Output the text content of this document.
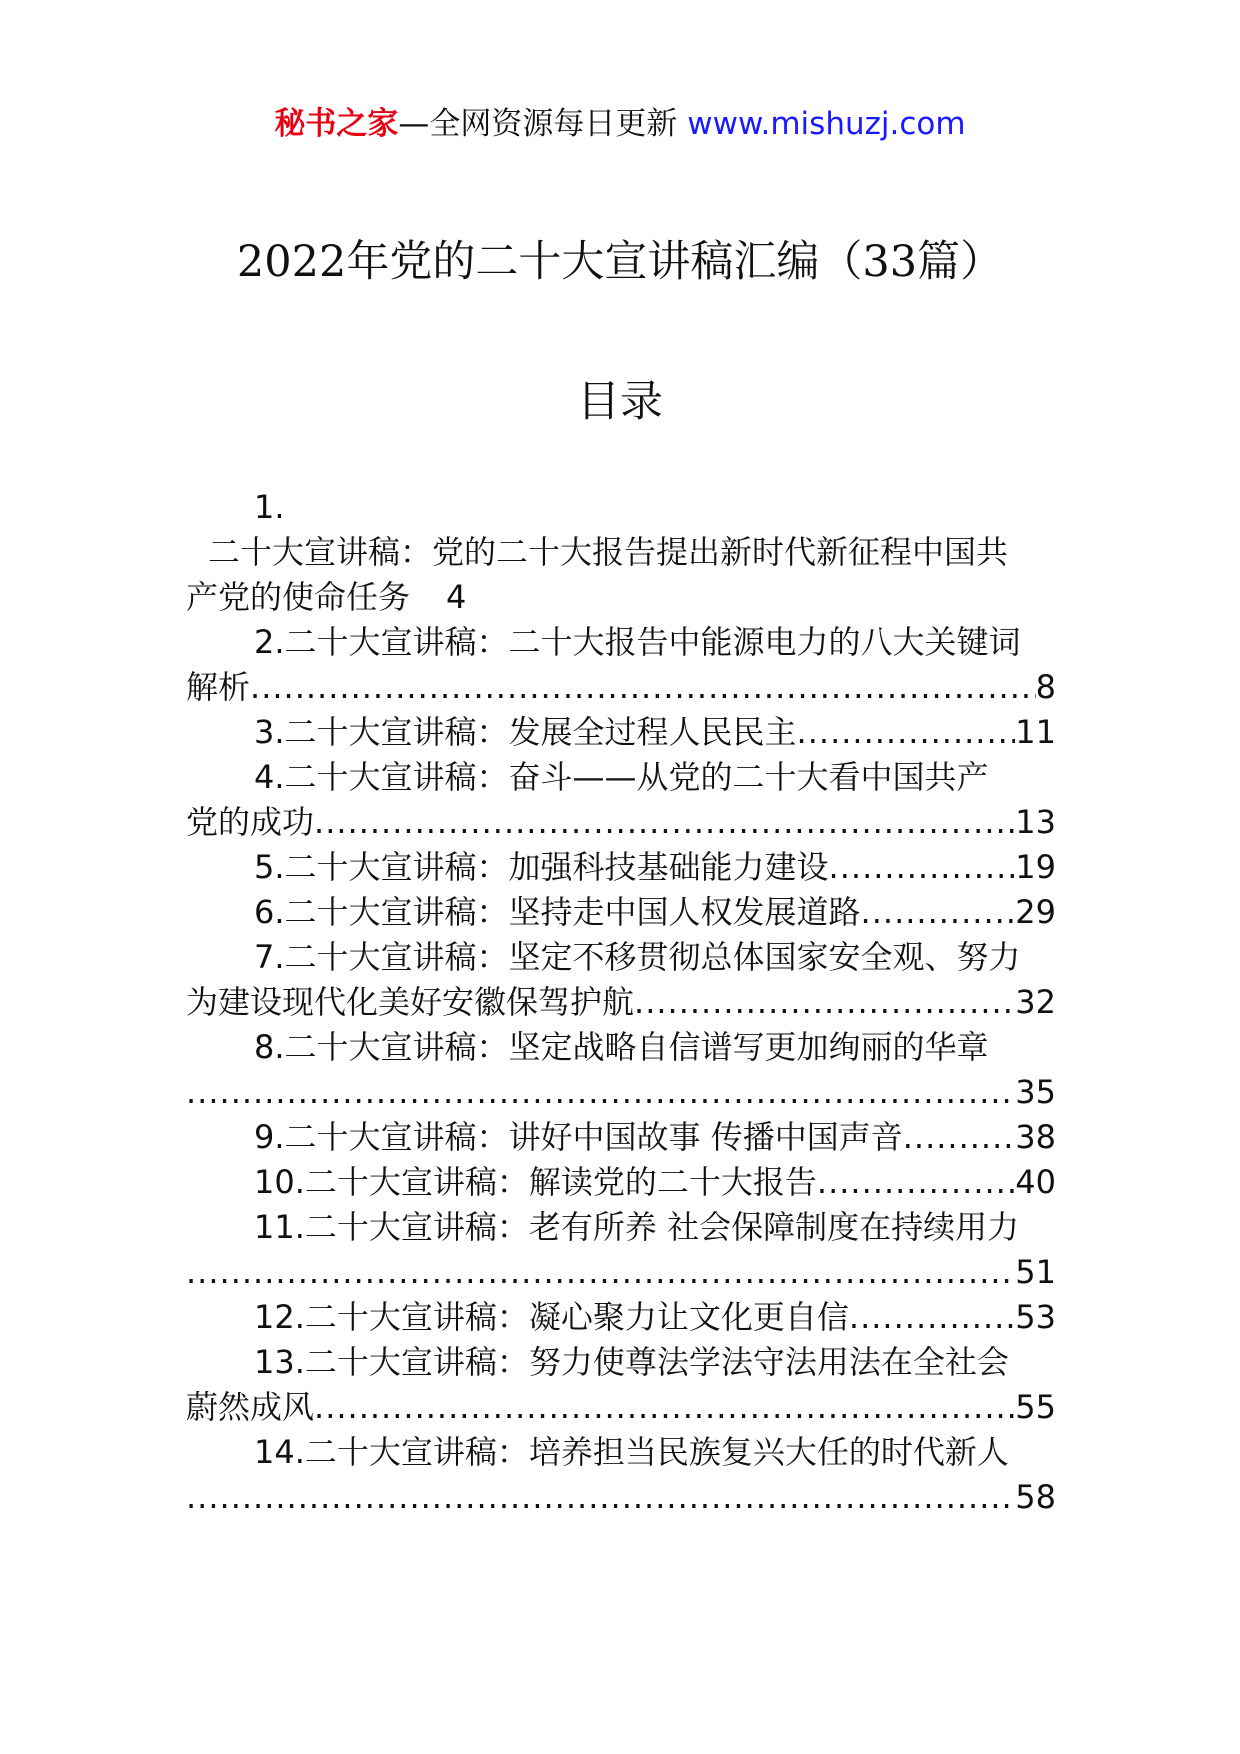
秘书之家—全网资源每日更新 www.mishuzj.com
2022年党的二十大宣讲稿汇编（33篇）
目录
1.
二十大宣讲稿：党的二十大报告提出新时代新征程中国共
产党的使命任务 4
2.二十大宣讲稿：二十大报告中能源电力的八大关键词
解析 .....	8
3.二十大宣讲稿：发展全过程人民民主 .....	11
4.二十大宣讲稿：奋斗——从党的二十大看中国共产
党的成功 .....	13
5.二十大宣讲稿：加强科技基础能力建设 .....	19
6.二十大宣讲稿：坚持走中国人权发展道路 .....	29
7.二十大宣讲稿：坚定不移贯彻总体国家安全观、努力
为建设现代化美好安徽保驾护航 .....	32
8.二十大宣讲稿：坚定战略自信谱写更加绚丽的华章
.....
35
9.二十大宣讲稿：讲好中国故事 传播中国声音 .....	38
10.二十大宣讲稿：解读党的二十大报告 .....	40
11.二十大宣讲稿：老有所养 社会保障制度在持续用力
.....
51
12.二十大宣讲稿：凝心聚力让文化更自信 .....	53
13.二十大宣讲稿：努力使尊法学法守法用法在全社会
蔚然成风 .....	55
14.二十大宣讲稿：培养担当民族复兴大任的时代新人
.....
58
